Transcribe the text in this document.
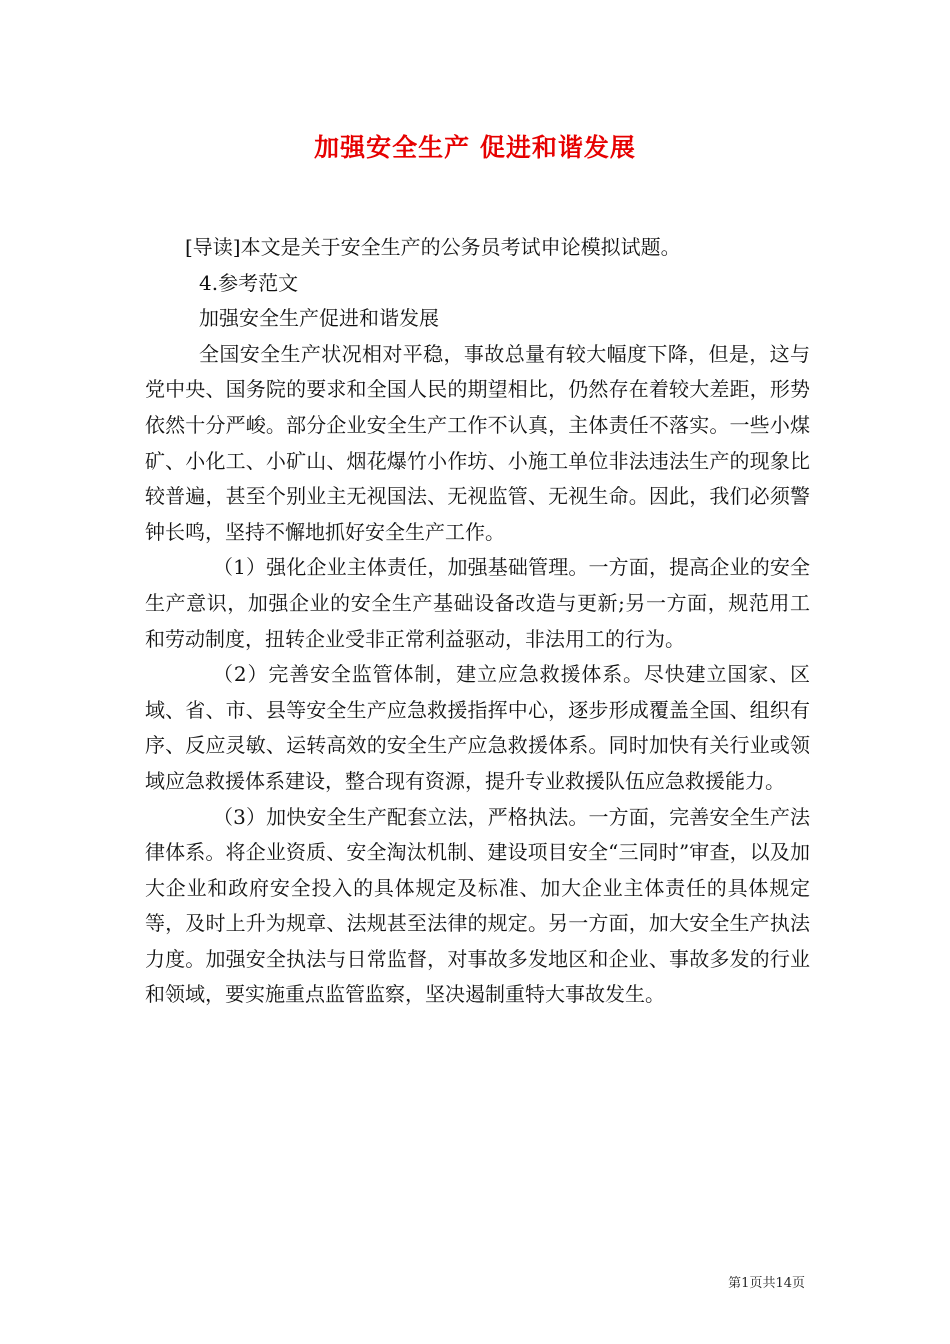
加强安全生产 促进和谐发展

[导读]本文是关于安全生产的公务员考试申论模拟试题。

4.参考范文

加强安全生产促进和谐发展

全国安全生产状况相对平稳，事故总量有较大幅度下降，但是，这与党中央、国务院的要求和全国人民的期望相比，仍然存在着较大差距，形势依然十分严峻。部分企业安全生产工作不认真，主体责任不落实。一些小煤矿、小化工、小矿山、烟花爆竹小作坊、小施工单位非法违法生产的现象比较普遍，甚至个别业主无视国法、无视监管、无视生命。因此，我们必须警钟长鸣，坚持不懈地抓好安全生产工作。

（1）强化企业主体责任，加强基础管理。一方面，提高企业的安全生产意识，加强企业的安全生产基础设备改造与更新;另一方面，规范用工和劳动制度，扭转企业受非正常利益驱动，非法用工的行为。

（2）完善安全监管体制，建立应急救援体系。尽快建立国家、区域、省、市、县等安全生产应急救援指挥中心，逐步形成覆盖全国、组织有序、反应灵敏、运转高效的安全生产应急救援体系。同时加快有关行业或领域应急救援体系建设，整合现有资源，提升专业救援队伍应急救援能力。

（3）加快安全生产配套立法，严格执法。一方面，完善安全生产法律体系。将企业资质、安全淘汰机制、建设项目安全“三同时”审查，以及加大企业和政府安全投入的具体规定及标准、加大企业主体责任的具体规定等，及时上升为规章、法规甚至法律的规定。另一方面，加大安全生产执法力度。加强安全执法与日常监督，对事故多发地区和企业、事故多发的行业和领域，要实施重点监管监察，坚决遏制重特大事故发生。

第1页共14页
